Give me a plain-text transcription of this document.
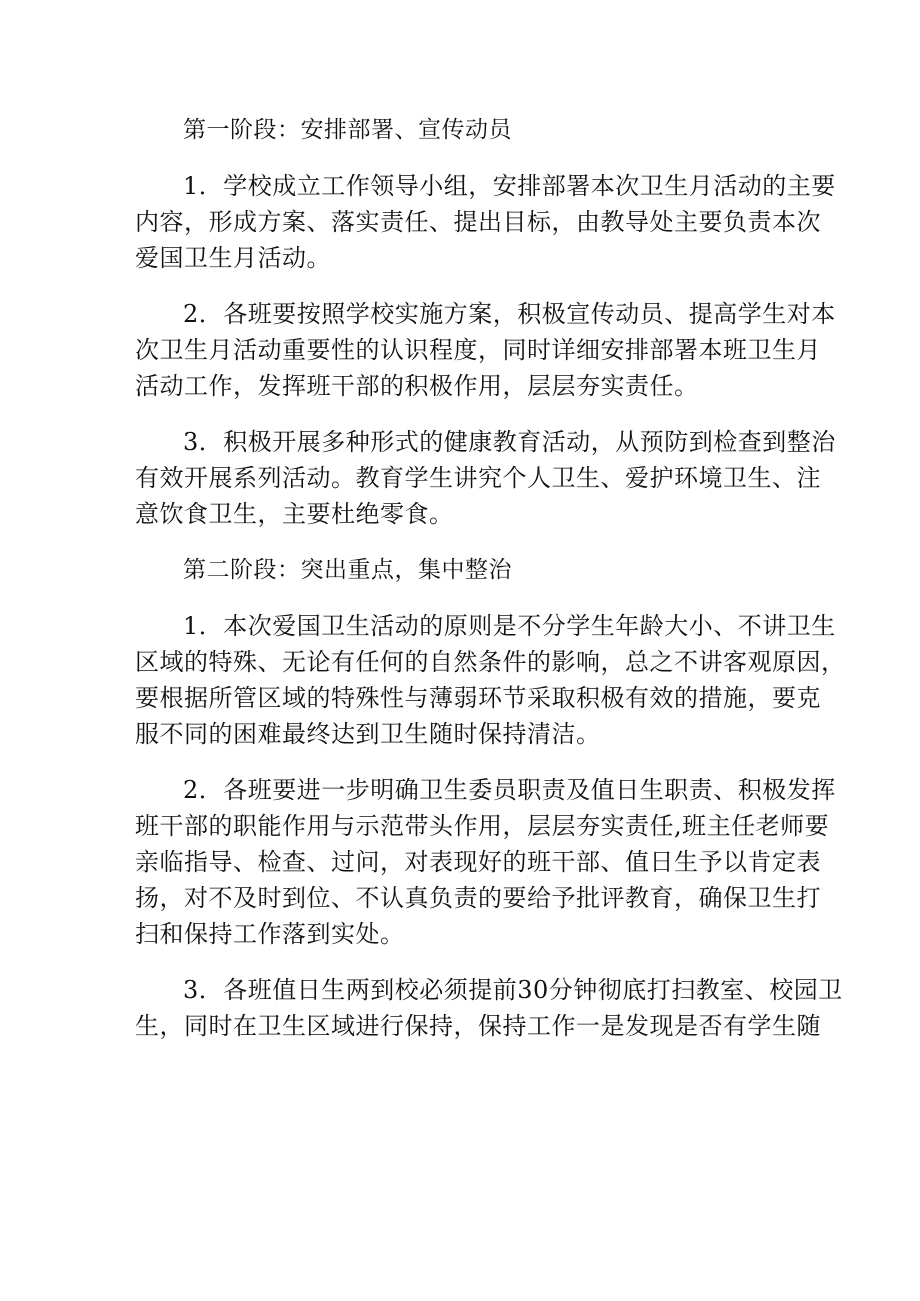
第一阶段：安排部署、宣传动员
1．学校成立工作领导小组，安排部署本次卫生月活动的主要
内容，形成方案、落实责任、提出目标，由教导处主要负责本次
爱国卫生月活动。
2．各班要按照学校实施方案，积极宣传动员、提高学生对本
次卫生月活动重要性的认识程度，同时详细安排部署本班卫生月
活动工作，发挥班干部的积极作用，层层夯实责任。
3．积极开展多种形式的健康教育活动，从预防到检查到整治
有效开展系列活动。教育学生讲究个人卫生、爱护环境卫生、注
意饮食卫生，主要杜绝零食。
第二阶段：突出重点，集中整治
1．本次爱国卫生活动的原则是不分学生年龄大小、不讲卫生
区域的特殊、无论有任何的自然条件的影响，总之不讲客观原因，
要根据所管区域的特殊性与薄弱环节采取积极有效的措施，要克
服不同的困难最终达到卫生随时保持清洁。
2．各班要进一步明确卫生委员职责及值日生职责、积极发挥
班干部的职能作用与示范带头作用，层层夯实责任,班主任老师要
亲临指导、检查、过问，对表现好的班干部、值日生予以肯定表
扬，对不及时到位、不认真负责的要给予批评教育，确保卫生打
扫和保持工作落到实处。
3．各班值日生两到校必须提前30分钟彻底打扫教室、校园卫
生，同时在卫生区域进行保持，保持工作一是发现是否有学生随
